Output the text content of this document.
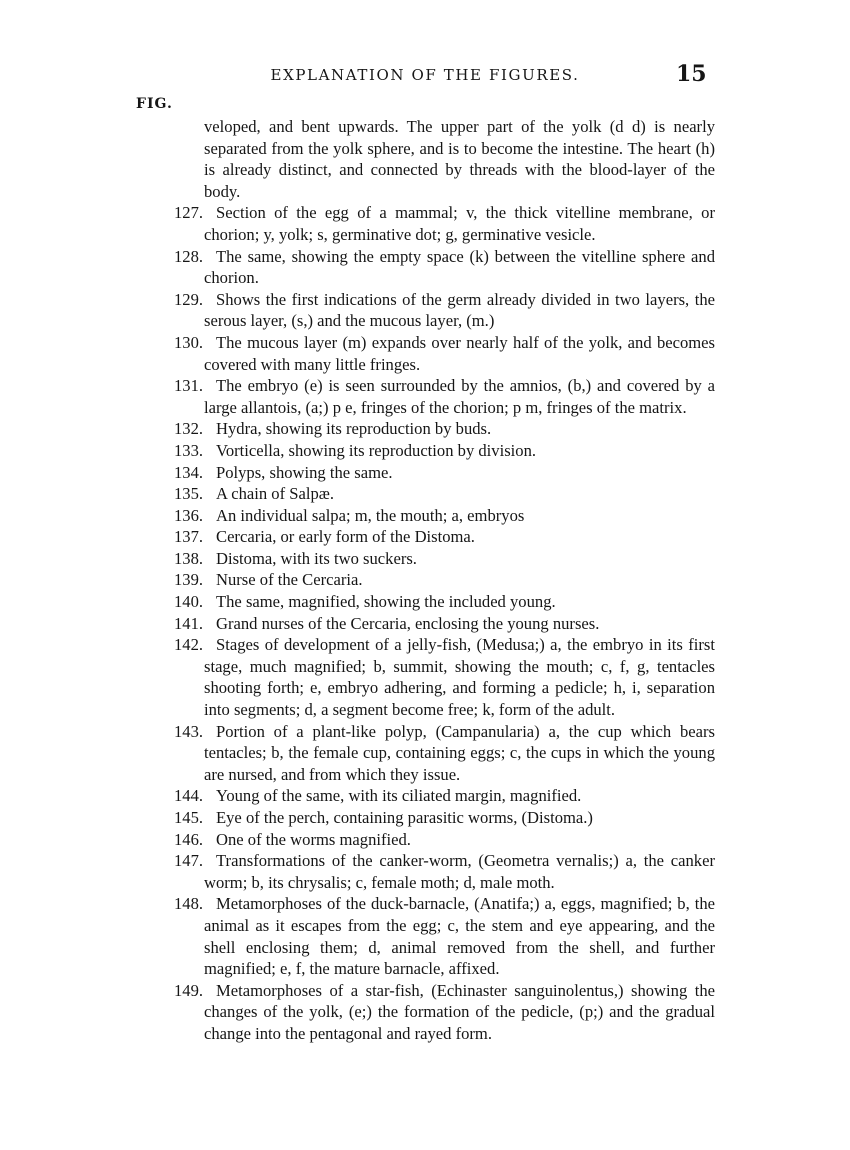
EXPLANATION OF THE FIGURES.	15
FIG.
veloped, and bent upwards. The upper part of the yolk (d d) is nearly separated from the yolk sphere, and is to become the intestine. The heart (h) is already distinct, and connected by threads with the blood-layer of the body.
127. Section of the egg of a mammal; v, the thick vitelline membrane, or chorion; y, yolk; s, germinative dot; g, germinative vesicle.
128. The same, showing the empty space (k) between the vitelline sphere and chorion.
129. Shows the first indications of the germ already divided in two layers, the serous layer, (s,) and the mucous layer, (m.)
130. The mucous layer (m) expands over nearly half of the yolk, and becomes covered with many little fringes.
131. The embryo (e) is seen surrounded by the amnios, (b,) and covered by a large allantois, (a;) p e, fringes of the chorion; p m, fringes of the matrix.
132. Hydra, showing its reproduction by buds.
133. Vorticella, showing its reproduction by division.
134. Polyps, showing the same.
135. A chain of Salpæ.
136. An individual salpa; m, the mouth; a, embryos
137. Cercaria, or early form of the Distoma.
138. Distoma, with its two suckers.
139. Nurse of the Cercaria.
140. The same, magnified, showing the included young.
141. Grand nurses of the Cercaria, enclosing the young nurses.
142. Stages of development of a jelly-fish, (Medusa;) a, the embryo in its first stage, much magnified; b, summit, showing the mouth; c, f, g, tentacles shooting forth; e, embryo adhering, and forming a pedicle; h, i, separation into segments; d, a segment become free; k, form of the adult.
143. Portion of a plant-like polyp, (Campanularia) a, the cup which bears tentacles; b, the female cup, containing eggs; c, the cups in which the young are nursed, and from which they issue.
144. Young of the same, with its ciliated margin, magnified.
145. Eye of the perch, containing parasitic worms, (Distoma.)
146. One of the worms magnified.
147. Transformations of the canker-worm, (Geometra vernalis;) a, the canker worm; b, its chrysalis; c, female moth; d, male moth.
148. Metamorphoses of the duck-barnacle, (Anatifa;) a, eggs, magnified; b, the animal as it escapes from the egg; c, the stem and eye appearing, and the shell enclosing them; d, animal removed from the shell, and further magnified; e, f, the mature barnacle, affixed.
149. Metamorphoses of a star-fish, (Echinaster sanguinolentus,) showing the changes of the yolk, (e;) the formation of the pedicle, (p;) and the gradual change into the pentagonal and rayed form.
